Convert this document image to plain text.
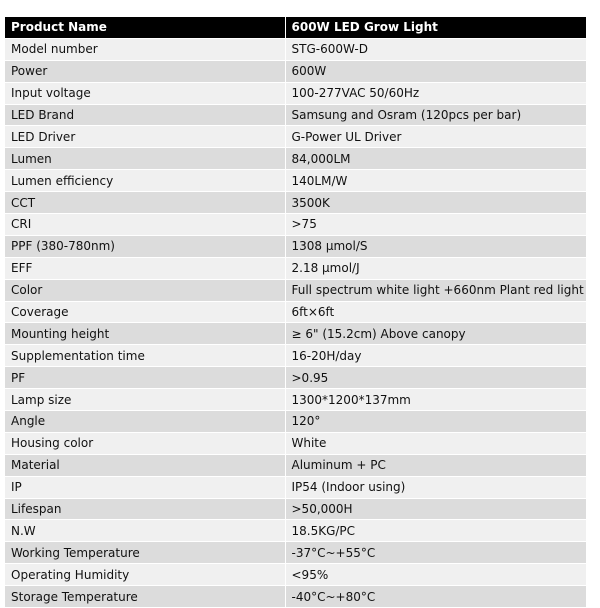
Product Name	600W LED Grow Light
Model number	STG-600W-D
Power	600W
Input voltage	100-277VAC 50/60Hz
LED Brand	Samsung and Osram (120pcs per bar)
LED Driver	G-Power UL Driver
Lumen	84,000LM
Lumen efficiency	140LM/W
CCT	3500K
CRI	>75
PPF (380-780nm)	1308 μmol/S
EFF	2.18 μmol/J
Color	Full spectrum white light +660nm Plant red light
Coverage	6ft×6ft
Mounting height	≥ 6" (15.2cm) Above canopy
Supplementation time	16-20H/day
PF	>0.95
Lamp size	1300*1200*137mm
Angle	120°
Housing color	White
Material	Aluminum + PC
IP	IP54 (Indoor using)
Lifespan	>50,000H
N.W	18.5KG/PC
Working Temperature	-37°C~+55°C
Operating Humidity	<95%
Storage Temperature	-40°C~+80°C
